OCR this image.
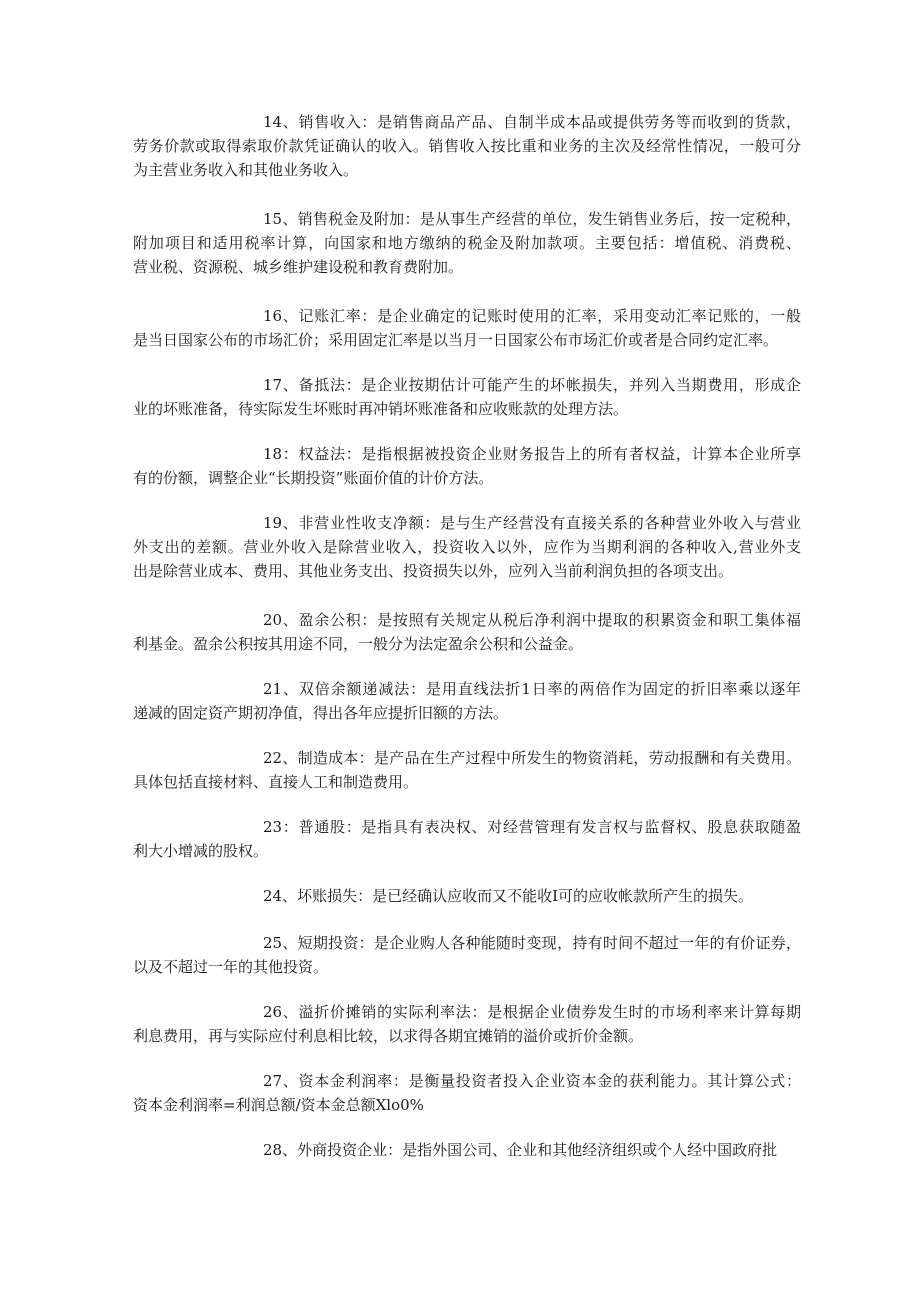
14、销售收入：是销售商品产品、自制半成本品或提供劳务等而收到的货款，
劳务价款或取得索取价款凭证确认的收入。销售收入按比重和业务的主次及经常性情况，一般可分
为主营业务收入和其他业务收入。
15、销售税金及附加：是从事生产经营的单位，发生销售业务后，按一定税种，
附加项目和适用税率计算，向国家和地方缴纳的税金及附加款项。主要包括：增值税、消费税、
营业税、资源税、城乡维护建设税和教育费附加。
16、记账汇率：是企业确定的记账时使用的汇率，采用变动汇率记账的，一般
是当日国家公布的市场汇价；采用固定汇率是以当月一日国家公布市场汇价或者是合同约定汇率。
17、备抵法：是企业按期估计可能产生的坏帐损失，并列入当期费用，形成企
业的坏账准备，待实际发生坏账时再冲销坏账准备和应收账款的处理方法。
18：权益法：是指根据被投资企业财务报告上的所有者权益，计算本企业所享
有的份额，调整企业“长期投资”账面价值的计价方法。
19、非营业性收支净额：是与生产经营没有直接关系的各种营业外收入与营业
外支出的差额。营业外收入是除营业收入，投资收入以外，应作为当期利润的各种收入,营业外支
出是除营业成本、费用、其他业务支出、投资损失以外，应列入当前利润负担的各项支出。
20、盈余公积：是按照有关规定从税后净利润中提取的积累资金和职工集体福
利基金。盈余公积按其用途不同，一般分为法定盈余公积和公益金。
21、双倍余额递减法：是用直线法折1日率的两倍作为固定的折旧率乘以逐年
递减的固定资产期初净值，得出各年应提折旧额的方法。
22、制造成本：是产品在生产过程中所发生的物资消耗，劳动报酬和有关费用。
具体包括直接材料、直接人工和制造费用。
23：普通股：是指具有表决权、对经营管理有发言权与监督权、股息获取随盈
利大小增减的股权。
24、坏账损失：是已经确认应收而又不能收I可的应收帐款所产生的损失。
25、短期投资：是企业购人各种能随时变现，持有时间不超过一年的有价证券，
以及不超过一年的其他投资。
26、溢折价摊销的实际利率法：是根据企业债券发生时的市场利率来计算每期
利息费用，再与实际应付利息相比较，以求得各期宜摊销的溢价或折价金额。
27、资本金利润率：是衡量投资者投入企业资本金的获利能力。其计算公式：
资本金利润率=利润总额/资本金总额Xlo0%
28、外商投资企业：是指外国公司、企业和其他经济组织或个人经中国政府批
